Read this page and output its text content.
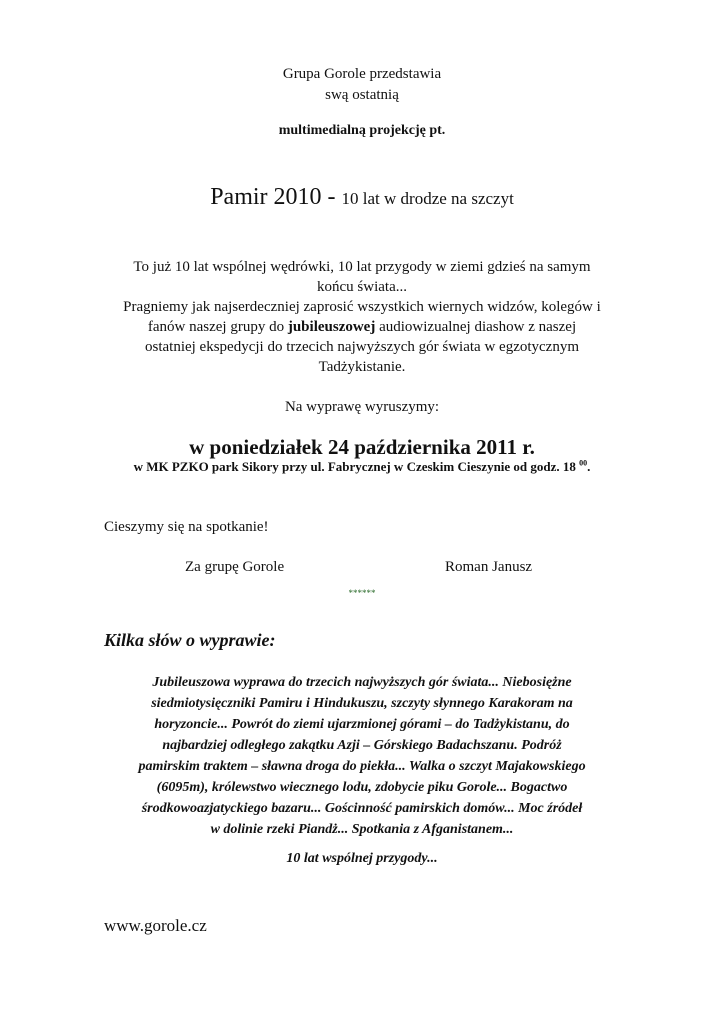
Grupa Gorole przedstawia
swą ostatnią
multimedialną projekcję pt.
Pamir 2010 - 10 lat w drodze na szczyt
To już 10 lat wspólnej wędrówki, 10 lat przygody w ziemi gdzieś na samym
końcu świata...
Pragniemy jak najserdeczniej zaprosić wszystkich wiernych widzów, kolegów i
fanów naszej grupy do jubileuszowej audiowizualnej diashow z naszej
ostatniej ekspedycji do trzecich najwyższych gór świata w egzotycznym
Tadżykistanie.
Na wyprawę wyruszymy:
w poniedziałek 24 października 2011 r.
w MK PZKO park Sikory przy ul. Fabrycznej w Czeskim Cieszynie od godz. 18 $^{00}$.
Cieszymy się na spotkanie!
Za grupę Gorole	Roman Janusz
******
Kilka słów o wyprawie:
Jubileuszowa wyprawa do trzecich najwyższych gór świata... Niebosiężne
siedmiotysięczniki Pamiru i Hindukuszu, szczyty słynnego Karakoram na
horyzoncie... Powrót do ziemi ujarzmionej górami – do Tadżykistanu, do
najbardziej odległego zakątku Azji – Górskiego Badachszanu. Podróż
pamirskim traktem – sławna droga do piekła... Walka o szczyt Majakowskiego
(6095m), królewstwo wiecznego lodu, zdobycie piku Gorole... Bogactwo
środkowoazjatyckiego bazaru... Gościnność pamirskich domów... Moc źródeł
w dolinie rzeki Piandż... Spotkania z Afganistanem...
10 lat wspólnej przygody...
www.gorole.cz
